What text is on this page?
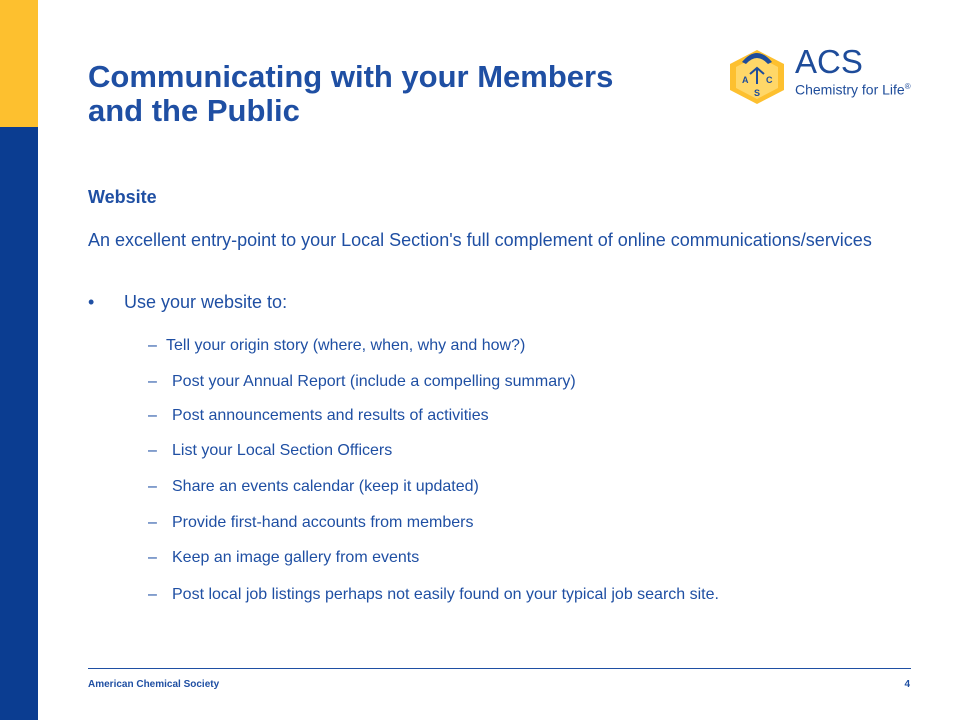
Communicating with your Members
and the Public
A C
S
ACS
Chemistry for Life®
Website
An excellent entry-point to your Local Section's full complement of online communications/services
• Use your website to:
– Tell your origin story (where, when, why and how?)
– Post your Annual Report (include a compelling summary)
– Post announcements and results of activities
– List your Local Section Officers
– Share an events calendar (keep it updated)
– Provide first-hand accounts from members
– Keep an image gallery from events
– Post local job listings perhaps not easily found on your typical job search site.
American Chemical Society	4
